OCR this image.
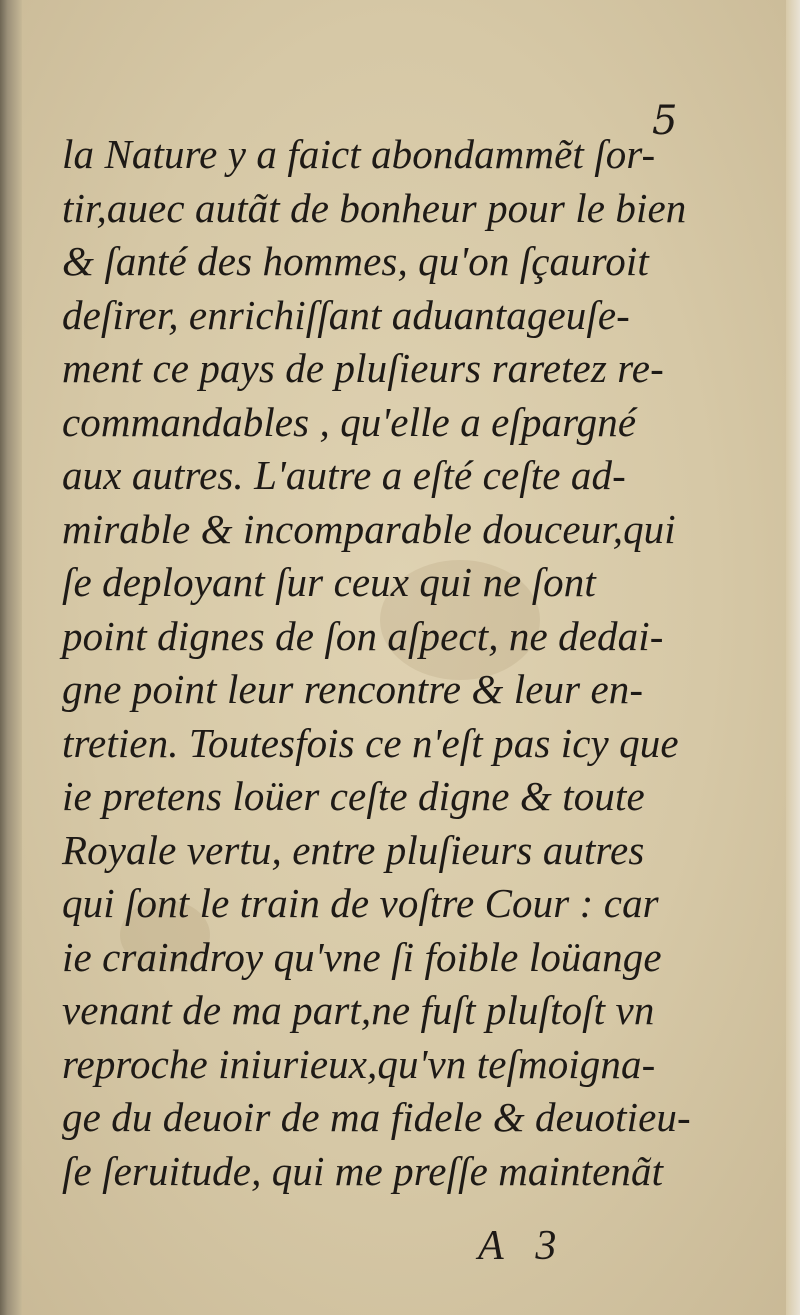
5
la Nature y a faict abondammẽt ſor-
tir,auec autãt de bonheur pour le bien
& ſanté des hommes, qu'on ſçauroit
deſirer, enrichiſſant aduantageuſe-
ment ce pays de pluſieurs raretez re-
commandables , qu'elle a eſpargné
aux autres. L'autre a eſté ceſte ad-
mirable & incomparable douceur,qui
ſe deployant ſur ceux qui ne ſont
point dignes de ſon aſpect, ne dedai-
gne point leur rencontre & leur en-
tretien. Toutesfois ce n'eſt pas icy que
ie pretens loüer ceſte digne & toute
Royale vertu, entre pluſieurs autres
qui ſont le train de voſtre Cour : car
ie craindroy qu'vne ſi foible loüange
venant de ma part,ne fuſt pluſtoſt vn
reproche iniurieux,qu'vn teſmoigna-
ge du deuoir de ma fidele & deuotieu-
ſe ſeruitude, qui me preſſe maintenãt
A 3
